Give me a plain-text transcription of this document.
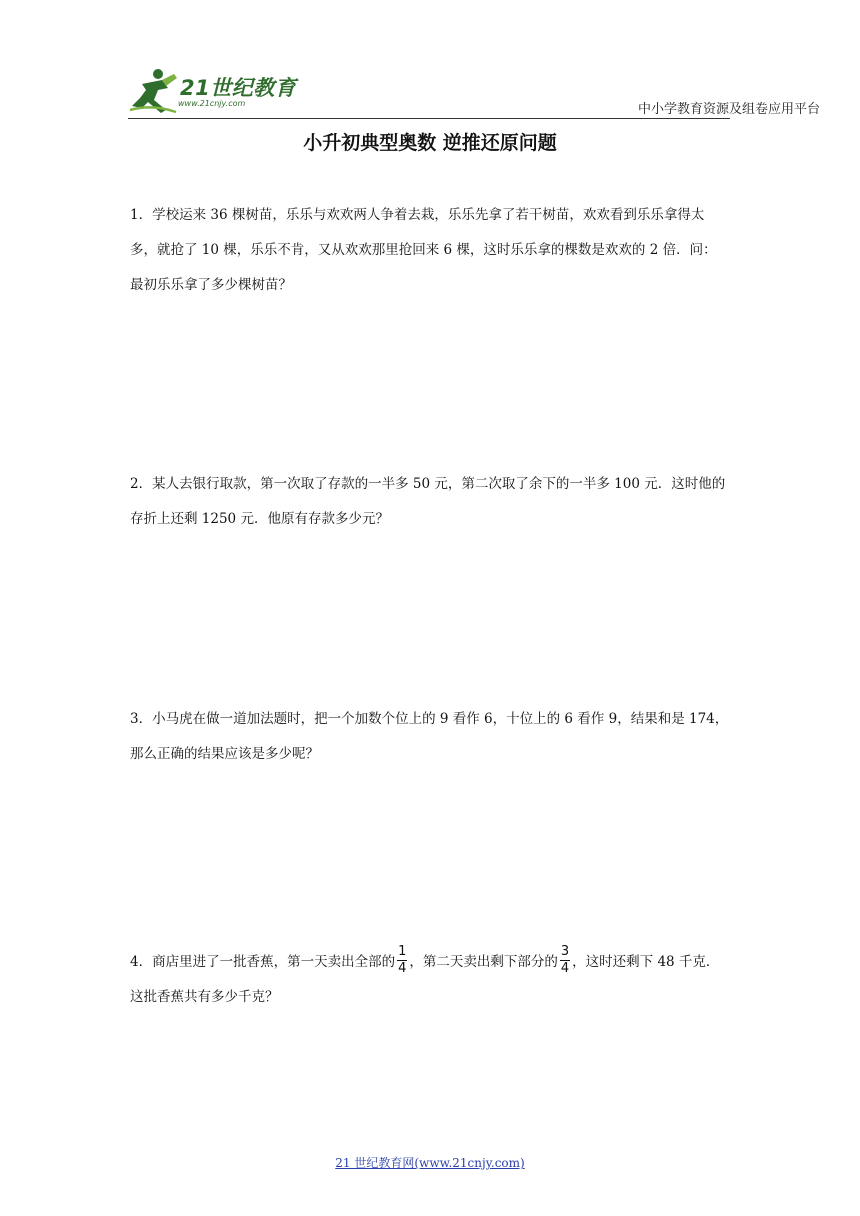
21世纪教育
www.21cnjy.com	中小学教育资源及组卷应用平台
小升初典型奥数 逆推还原问题
1．学校运来 36 棵树苗，乐乐与欢欢两人争着去栽，乐乐先拿了若干树苗，欢欢看到乐乐拿得太多，就抢了 10 棵，乐乐不肯，又从欢欢那里抢回来 6 棵，这时乐乐拿的棵数是欢欢的 2 倍．问：最初乐乐拿了多少棵树苗？
2．某人去银行取款，第一次取了存款的一半多 50 元，第二次取了余下的一半多 100 元．这时他的存折上还剩 1250 元．他原有存款多少元？
3．小马虎在做一道加法题时，把一个加数个位上的 9 看作 6，十位上的 6 看作 9，结果和是 174，那么正确的结果应该是多少呢？
4．商店里进了一批香蕉，第一天卖出全部的 $\frac{1}{4}$ ，第二天卖出剩下部分的 $\frac{3}{4}$ ，这时还剩下 48 千克．这批香蕉共有多少千克？
21 世纪教育网(www.21cnjy.com)
